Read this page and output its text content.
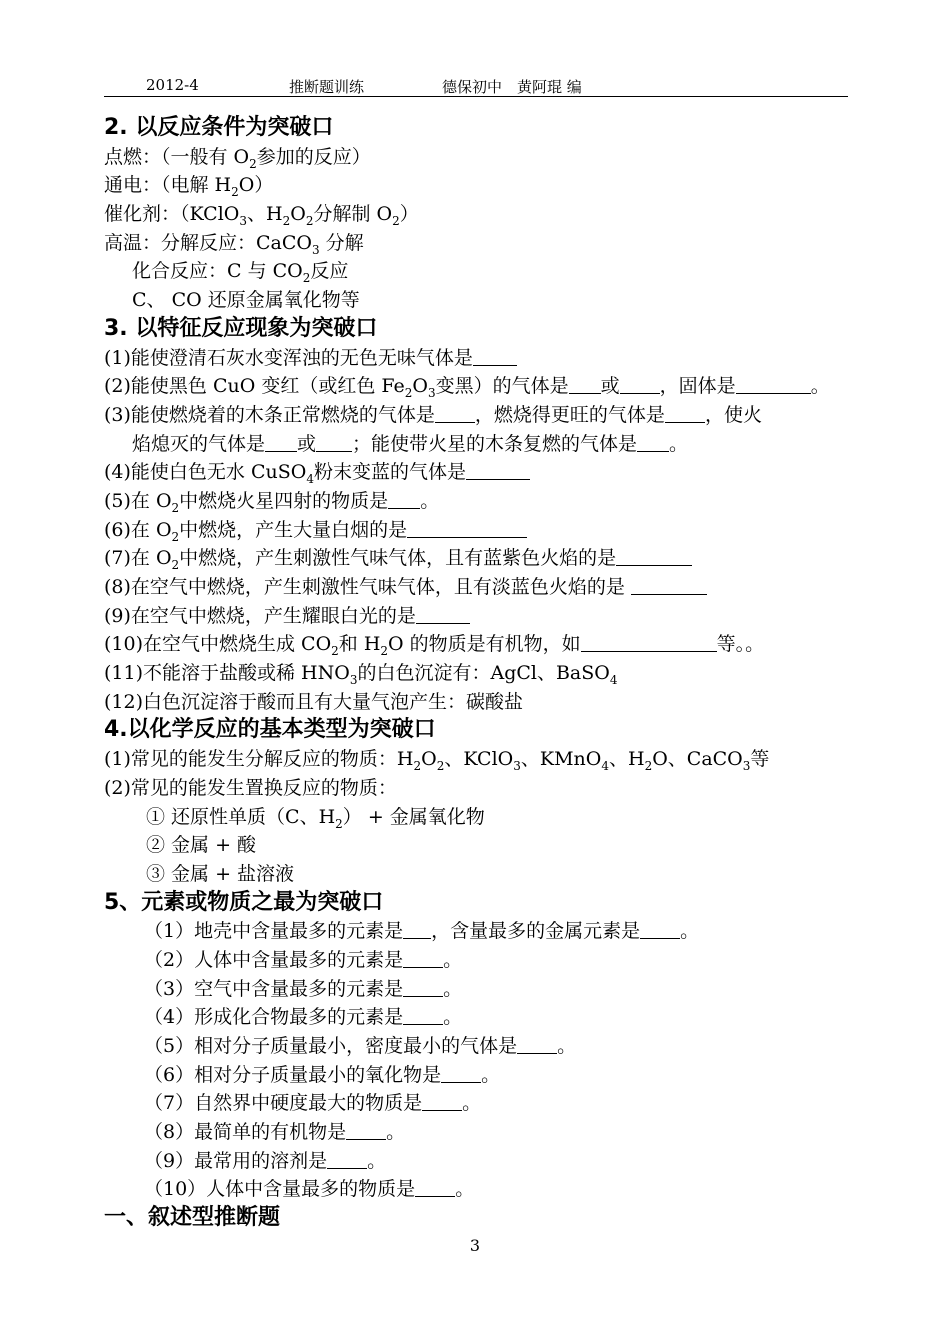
2012-4	推断题训练	德保初中　黄阿琨 编
2. 以反应条件为突破口
点燃：（一般有 $O_2$参加的反应）
通电：（电解 $H_2O$）
催化剂：（KClO$_3$、$H_2O_2$分解制 $O_2$）
高温：分解反应：CaCO$_3$ 分解
化合反应：C 与 $CO_2$反应
C、 CO 还原金属氧化物等
3. 以特征反应现象为突破口
(1)能使澄清石灰水变浑浊的无色无味气体是
(2)能使黑色 CuO 变红（或红色 $Fe_2O_3$变黑）的气体是 或 ，固体是	。
(3)能使燃烧着的木条正常燃烧的气体是 ，燃烧得更旺的气体是 ，使火
焰熄灭的气体是 或 ；能使带火星的木条复燃的气体是 。
(4)能使白色无水 CuSO$_4$粉末变蓝的气体是
(5)在 $O_2$中燃烧火星四射的物质是 。
(6)在 $O_2$中燃烧，产生大量白烟的是
(7)在 $O_2$中燃烧，产生刺激性气味气体，且有蓝紫色火焰的是
(8)在空气中燃烧，产生刺激性气味气体，且有淡蓝色火焰的是
(9)在空气中燃烧，产生耀眼白光的是
(10)在空气中燃烧生成 $CO_2$和 $H_2O$ 的物质是有机物，如	等。。
(11)不能溶于盐酸或稀 $HNO_3$的白色沉淀有：AgCl、BaSO$_4$
(12)白色沉淀溶于酸而且有大量气泡产生：碳酸盐
4.以化学反应的基本类型为突破口
(1)常见的能发生分解反应的物质：$H_2O_2$、KClO$_3$、KMnO$_4$、$H_2O$、CaCO$_3$等
(2)常见的能发生置换反应的物质：
① 还原性单质（C、$H_2$） + 金属氧化物
② 金属 + 酸
③ 金属 + 盐溶液
5、元素或物质之最为突破口
（1）地壳中含量最多的元素是 ，含量最多的金属元素是 。
（2）人体中含量最多的元素是 。
（3）空气中含量最多的元素是 。
（4）形成化合物最多的元素是 。
（5）相对分子质量最小，密度最小的气体是 。
（6）相对分子质量最小的氧化物是 。
（7）自然界中硬度最大的物质是 。
（8）最简单的有机物是 。
（9）最常用的溶剂是 。
（10）人体中含量最多的物质是 。
一、叙述型推断题
3
